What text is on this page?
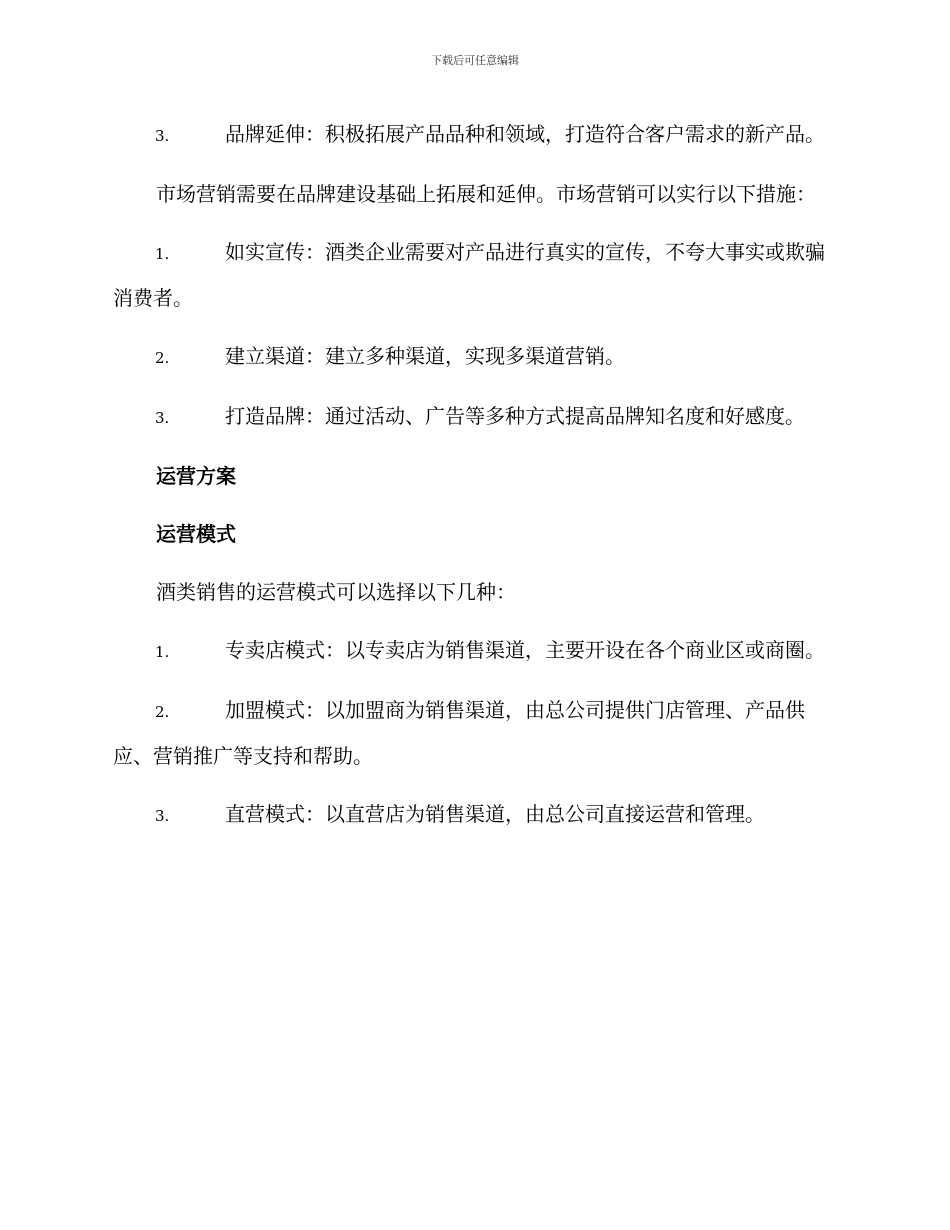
下载后可任意编辑
3.	品牌延伸：积极拓展产品品种和领域，打造符合客户需求的新产品。
市场营销需要在品牌建设基础上拓展和延伸。市场营销可以实行以下措施：
1.	如实宣传：酒类企业需要对产品进行真实的宣传，不夸大事实或欺骗消费者。
2.	建立渠道：建立多种渠道，实现多渠道营销。
3.	打造品牌：通过活动、广告等多种方式提高品牌知名度和好感度。
运营方案
运营模式
酒类销售的运营模式可以选择以下几种：
1.	专卖店模式：以专卖店为销售渠道，主要开设在各个商业区或商圈。
2.	加盟模式：以加盟商为销售渠道，由总公司提供门店管理、产品供应、营销推广等支持和帮助。
3.	直营模式：以直营店为销售渠道，由总公司直接运营和管理。
